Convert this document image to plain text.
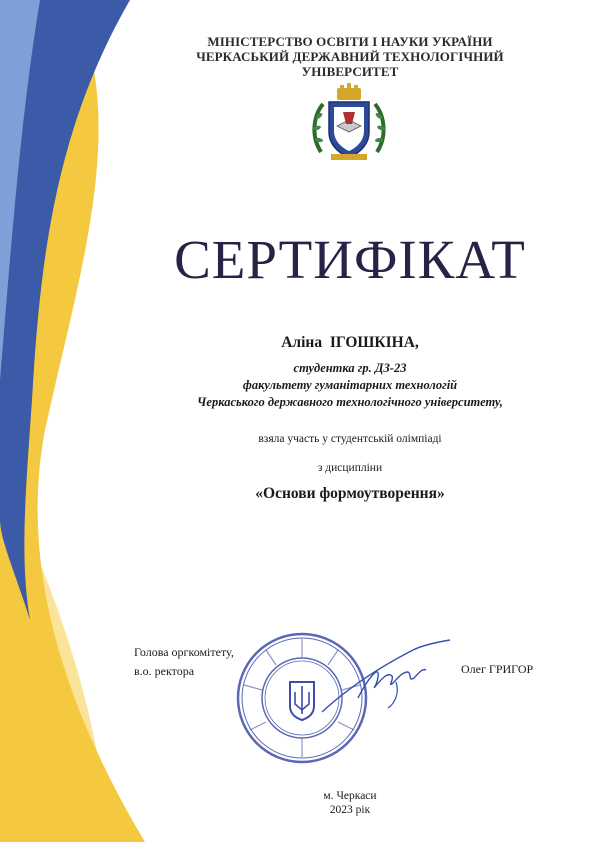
МІНІСТЕРСТВО ОСВІТИ І НАУКИ УКРАЇНИ
ЧЕРКАСЬКИЙ ДЕРЖАВНИЙ ТЕХНОЛОГІЧНИЙ УНІВЕРСИТЕТ
СЕРТИФІКАТ
Аліна ІГОШКІНА,
студентка гр. ДЗ-23
факультету гуманітарних технологій
Черкаського державного технологічного університету,
взяла участь у студентській олімпіаді
з дисципліни
«Основи формоутворення»
Голова оргкомітету,
в.о. ректора	Олег ГРИГОР
м. Черкаси
2023 рік
